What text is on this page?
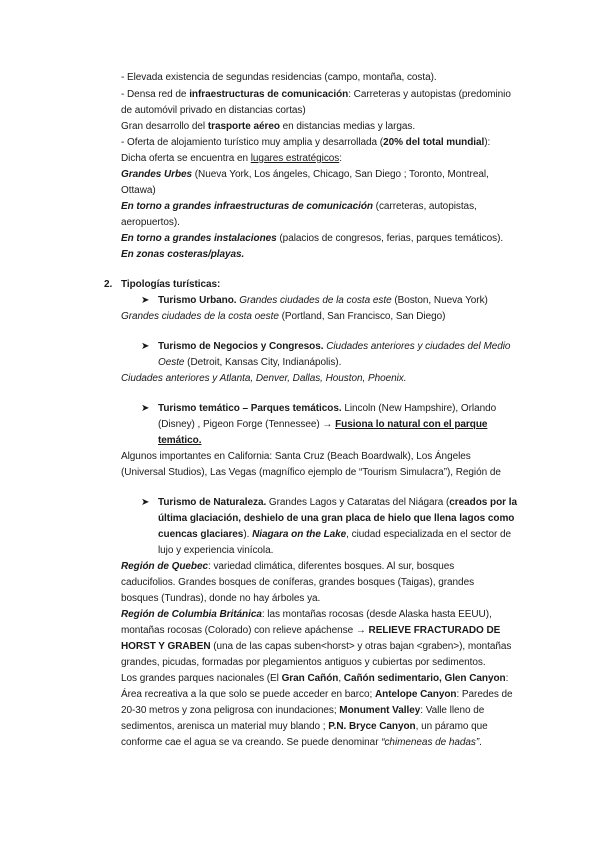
- Elevada existencia de segundas residencias (campo, montaña, costa).
- Densa red de infraestructuras de comunicación: Carreteras y autopistas (predominio
de automóvil privado en distancias cortas)
Gran desarrollo del trasporte aéreo en distancias medias y largas.
- Oferta de alojamiento turístico muy amplia y desarrollada (20% del total mundial):
Dicha oferta se encuentra en lugares estratégicos:
Grandes Urbes (Nueva York, Los ángeles, Chicago, San Diego ; Toronto, Montreal,
Ottawa)
En torno a grandes infraestructuras de comunicación (carreteras, autopistas,
aeropuertos).
En torno a grandes instalaciones (palacios de congresos, ferias, parques temáticos).
En zonas costeras/playas.
2. Tipologías turísticas:
➤ Turismo Urbano. Grandes ciudades de la costa este (Boston, Nueva York)
Grandes ciudades de la costa oeste (Portland, San Francisco, San Diego)
➤ Turismo de Negocios y Congresos. Ciudades anteriores y ciudades del Medio
Oeste (Detroit, Kansas City, Indianápolis).
Ciudades anteriores y Atlanta, Denver, Dallas, Houston, Phoenix.
➤ Turismo temático – Parques temáticos. Lincoln (New Hampshire), Orlando
(Disney) , Pigeon Forge (Tennessee) → Fusiona lo natural con el parque
temático.
Algunos importantes en California: Santa Cruz (Beach Boardwalk), Los Ángeles
(Universal Studios), Las Vegas (magnífico ejemplo de “Tourism Simulacra”), Región de
➤ Turismo de Naturaleza. Grandes Lagos y Cataratas del Niágara (creados por la
última glaciación, deshielo de una gran placa de hielo que llena lagos como
cuencas glaciares). Niagara on the Lake, ciudad especializada en el sector de
lujo y experiencia vinícola.
Región de Quebec: variedad climática, diferentes bosques. Al sur, bosques
caducifolios. Grandes bosques de coníferas, grandes bosques (Taigas), grandes
bosques (Tundras), donde no hay árboles ya.
Región de Columbia Británica: las montañas rocosas (desde Alaska hasta EEUU),
montañas rocosas (Colorado) con relieve apáchense → RELIEVE FRACTURADO DE
HORST Y GRABEN (una de las capas suben<horst> y otras bajan <graben>), montañas
grandes, picudas, formadas por plegamientos antiguos y cubiertas por sedimentos.
Los grandes parques nacionales (El Gran Cañón, Cañón sedimentario, Glen Canyon:
Área recreativa a la que solo se puede acceder en barco; Antelope Canyon: Paredes de
20-30 metros y zona peligrosa con inundaciones; Monument Valley: Valle lleno de
sedimentos, arenisca un material muy blando ; P.N. Bryce Canyon, un páramo que
conforme cae el agua se va creando. Se puede denominar “chimeneas de hadas”.
